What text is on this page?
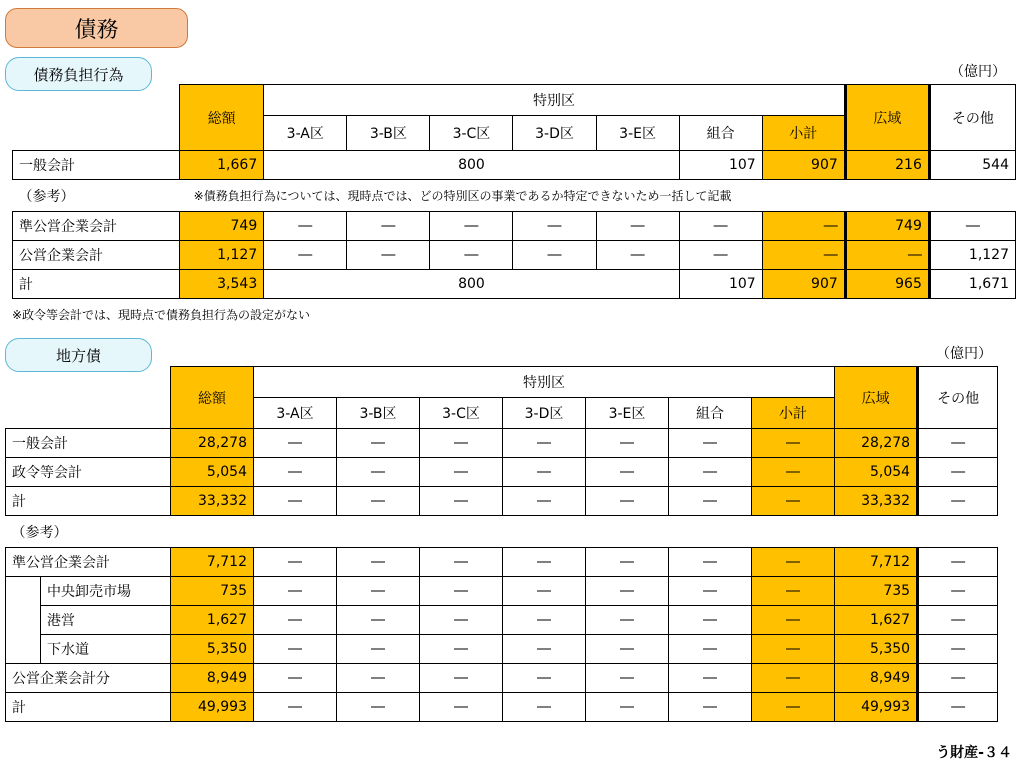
債務
債務負担行為	（億円）
	総額	特別区							広域	その他
		3-A区	3-B区	3-C区	3-D区	3-E区	組合	小計		
一般会計	1,667	800					107	907	216	544
（参考）	※債務負担行為については、現時点では、どの特別区の事業であるか特定できないため一括して記載									

準公営企業会計	749	―	―	―	―	―	―	―	749	―
公営企業会計	1,127	―	―	―	―	―	―	―	―	1,127
計	3,543	800					107	907	965	1,671
※政令等会計では、現時点で債務負担行為の設定がない
地方債	（億円）
		総額	特別区							広域	その他
			3-A区	3-B区	3-C区	3-D区	3-E区	組合	小計		
一般会計		28,278	―	―	―	―	―	―	―	28,278	―
政令等会計		5,054	―	―	―	―	―	―	―	5,054	―
計		33,332	―	―	―	―	―	―	―	33,332	―
（参考）											
準公営企業会計		7,712	―	―	―	―	―	―	―	7,712	―
	中央卸売市場	735	―	―	―	―	―	―	―	735	―
	港営	1,627	―	―	―	―	―	―	―	1,627	―
	下水道	5,350	―	―	―	―	―	―	―	5,350	―
公営企業会計分		8,949	―	―	―	―	―	―	―	8,949	―
計		49,993	―	―	―	―	―	―	―	49,993	―
う財産-３４
